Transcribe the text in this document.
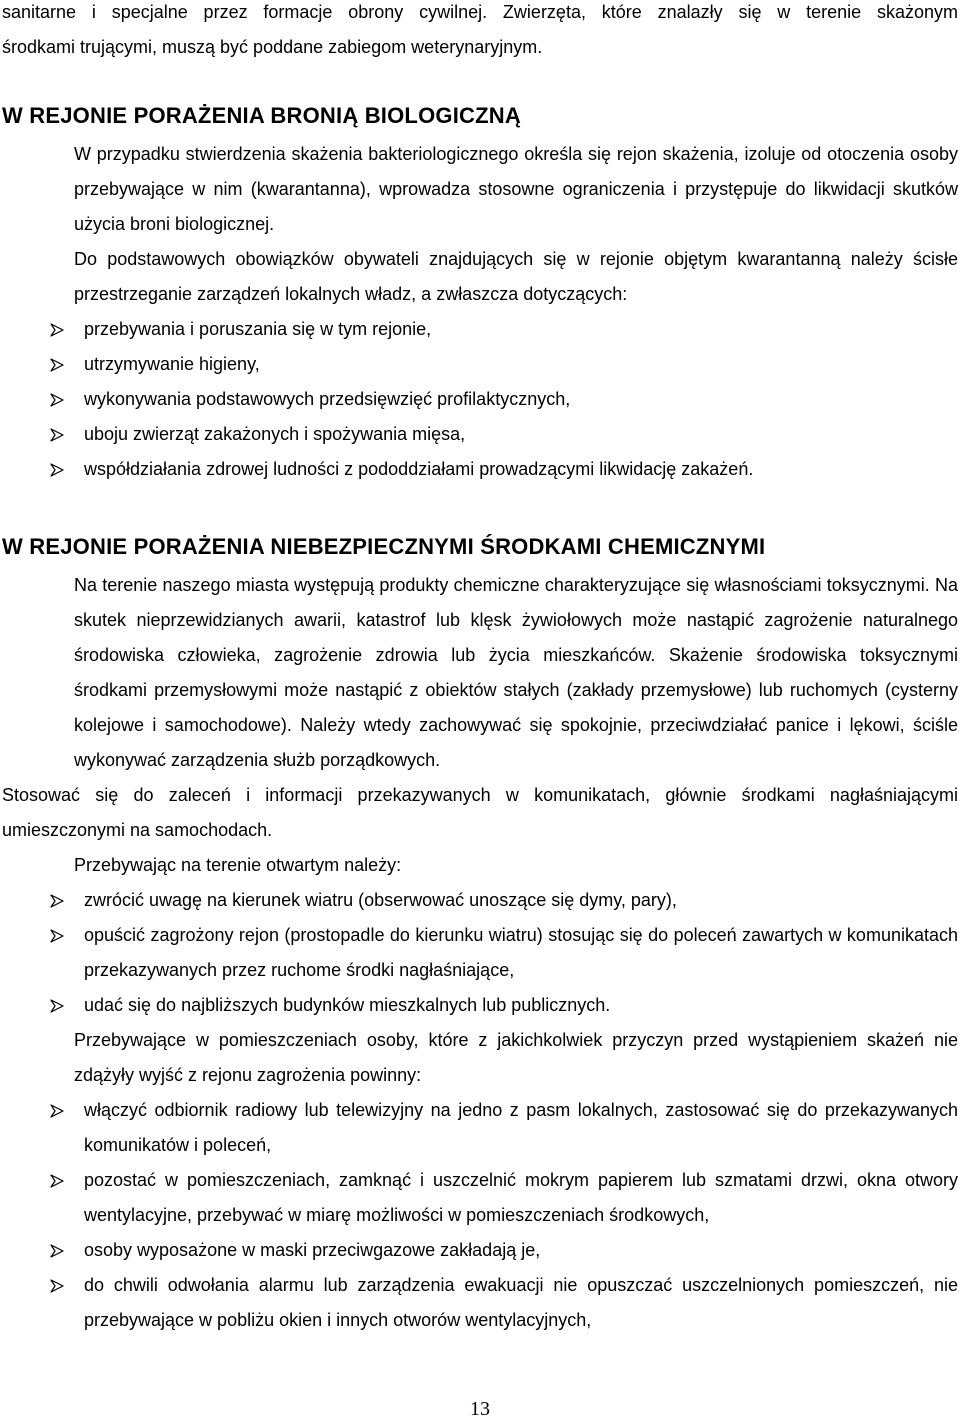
sanitarne i specjalne przez formacje obrony cywilnej. Zwierzęta, które znalazły się w terenie skażonym

środkami trującymi, muszą być poddane zabiegom weterynaryjnym.

W REJONIE PORAŻENIA BRONIĄ BIOLOGICZNĄ

W przypadku stwierdzenia skażenia bakteriologicznego określa się rejon skażenia, izoluje od otoczenia osoby przebywające w nim (kwarantanna), wprowadza stosowne ograniczenia i przystępuje do likwidacji skutków użycia broni biologicznej.

Do podstawowych obowiązków obywateli znajdujących się w rejonie objętym kwarantanną należy ścisłe przestrzeganie zarządzeń lokalnych władz, a zwłaszcza dotyczących:

przebywania i poruszania się w tym rejonie,
utrzymywanie higieny,
wykonywania podstawowych przedsięwzięć profilaktycznych,
uboju zwierząt zakażonych i spożywania mięsa,
współdziałania zdrowej ludności z pododdziałami prowadzącymi likwidację zakażeń.
W REJONIE PORAŻENIA NIEBEZPIECZNYMI ŚRODKAMI CHEMICZNYMI

Na terenie naszego miasta występują produkty chemiczne charakteryzujące się własnościami toksycznymi. Na skutek nieprzewidzianych awarii, katastrof lub klęsk żywiołowych może nastąpić zagrożenie naturalnego środowiska człowieka, zagrożenie zdrowia lub życia mieszkańców. Skażenie środowiska toksycznymi środkami przemysłowymi może nastąpić z obiektów stałych (zakłady przemysłowe) lub ruchomych (cysterny kolejowe i samochodowe). Należy wtedy zachowywać się spokojnie, przeciwdziałać panice i lękowi, ściśle wykonywać zarządzenia służb porządkowych.

Stosować się do zaleceń i informacji przekazywanych w komunikatach, głównie środkami nagłaśniającymi umieszczonymi na samochodach.

Przebywając na terenie otwartym należy:

zwrócić uwagę na kierunek wiatru (obserwować unoszące się dymy, pary),
opuścić zagrożony rejon (prostopadle do kierunku wiatru) stosując się do poleceń zawartych w komunikatach przekazywanych przez ruchome środki nagłaśniające,
udać się do najbliższych budynków mieszkalnych lub publicznych.

Przebywające w pomieszczeniach osoby, które z jakichkolwiek przyczyn przed wystąpieniem skażeń nie zdążyły wyjść z rejonu zagrożenia powinny:

włączyć odbiornik radiowy lub telewizyjny na jedno z pasm lokalnych, zastosować się do przekazywanych komunikatów i poleceń,
pozostać w pomieszczeniach, zamknąć i uszczelnić mokrym papierem lub szmatami drzwi, okna otwory wentylacyjne, przebywać w miarę możliwości w pomieszczeniach środkowych,
osoby wyposażone w maski przeciwgazowe zakładają je,
do chwili odwołania alarmu lub zarządzenia ewakuacji nie opuszczać uszczelnionych pomieszczeń, nie przebywające w pobliżu okien i innych otworów wentylacyjnych,
13
